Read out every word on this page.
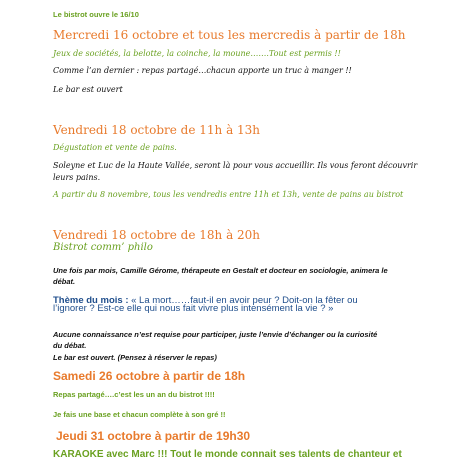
Le bistrot ouvre le 16/10

Mercredi 16 octobre et tous les mercredis à partir de 18h

Jeux de sociétés, la belotte, la coinche, la moune…….Tout est permis !!

Comme l’an dernier : repas partagé…chacun apporte un truc à manger !!

Le bar est ouvert

Vendredi 18 octobre de 11h à 13h

Dégustation et vente de pains.

Soleyne et Luc de la Haute Vallée, seront là pour vous accueillir. Ils vous feront découvrir

leurs pains.

A partir du 8 novembre, tous les vendredis entre 11h et 13h, vente de pains au bistrot

Vendredi 18 octobre de 18h à 20h

Bistrot comm’ philo

Une fois par mois, Camille Gérome, thérapeute en Gestalt et docteur en sociologie, animera le

débat.

Thème du mois : « La mort……faut-il en avoir peur ? Doit-on la fêter ou

l’ignorer ? Est-ce elle qui nous fait vivre plus intensément la vie ? »

Aucune connaissance n’est requise pour participer, juste l’envie d’échanger ou la curiosité

du débat.

Le bar est ouvert. (Pensez à réserver le repas)

Samedi 26 octobre à partir de 18h

Repas partagé….c’est les un an du bistrot !!!!

Je fais une base et chacun complète à son gré !!

Jeudi 31 octobre à partir de 19h30

KARAOKE avec Marc !!! Tout le monde connait ses talents de chanteur et
